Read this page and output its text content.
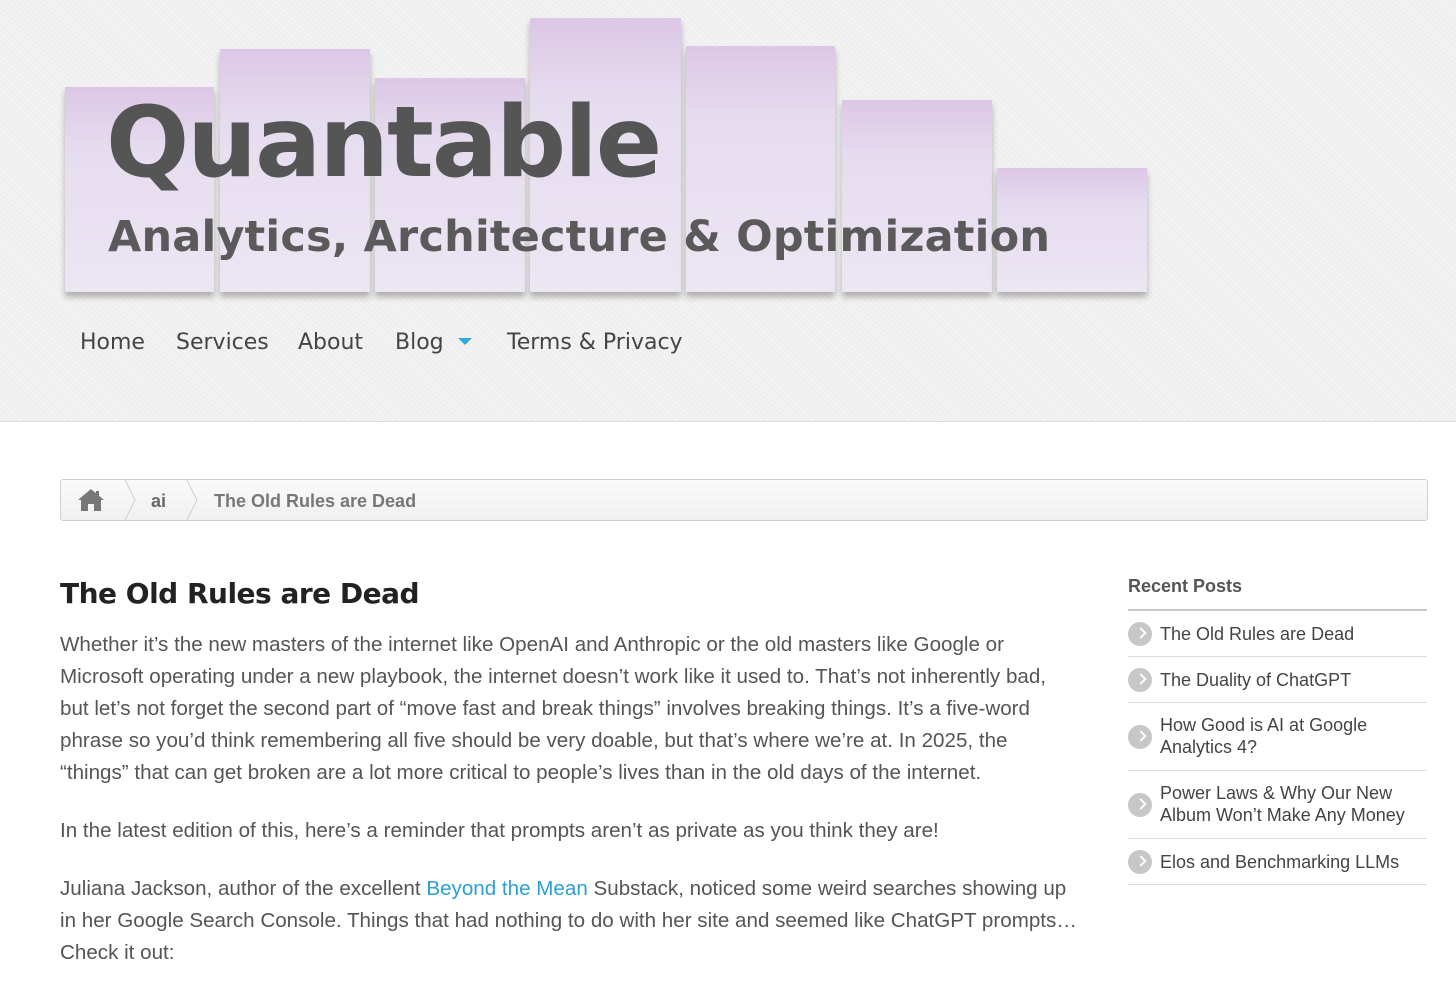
Quantable
Analytics, Architecture & Optimization
Home Services About Blog	Terms & Privacy
ai	The Old Rules are Dead
The Old Rules are Dead

Whether it’s the new masters of the internet like OpenAI and Anthropic or the old masters like Google or Microsoft operating under a new playbook, the internet doesn’t work like it used to. That’s not inherently bad, but let’s not forget the second part of “move fast and break things” involves breaking things. It’s a five-word phrase so you’d think remembering all five should be very doable, but that’s where we’re at. In 2025, the “things” that can get broken are a lot more critical to people’s lives than in the old days of the internet.

In the latest edition of this, here’s a reminder that prompts aren’t as private as you think they are!

Juliana Jackson, author of the excellent Beyond the Mean Substack, noticed some weird searches showing up in her Google Search Console. Things that had nothing to do with her site and seemed like ChatGPT prompts… Check it out:

Recent Posts
The Old Rules are Dead
The Duality of ChatGPT
How Good is AI at Google Analytics 4?
Power Laws & Why Our New Album Won’t Make Any Money
Elos and Benchmarking LLMs
